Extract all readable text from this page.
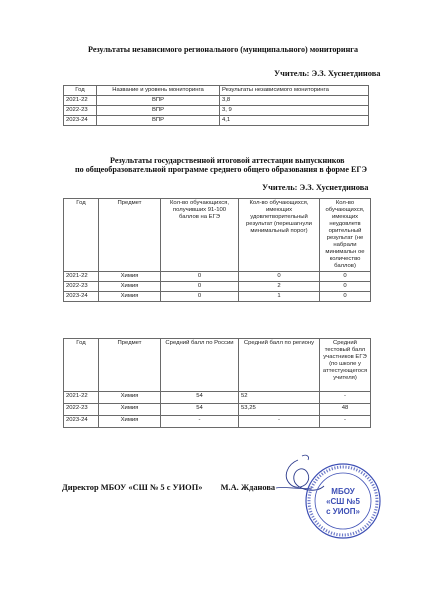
Результаты независимого регионального (муниципального) мониторинга
Учитель: Э.З. Хуснетдинова
Год	Название и уровень мониторинга	Результаты независимого мониторинга
2021-22	ВПР	3,8
2022-23	ВПР	3, 9
2023-24	ВПР	4,1
Результаты государственной итоговой аттестации выпускников
по общеобразовательной программе среднего общего образования в форме ЕГЭ
Учитель: Э.З. Хуснетдинова
Год	Предмет	Кол-во обучающихся, получивших 91-100 баллов на ЕГЭ	Кол-во обучающихся, имеющих удовлетворительный результат (перешагнули минимальный порог)	Кол-во обучающихся, имеющих неудовлетв орительный результат (не набрали минимальн ое количество баллов)
2021-22	Химия	0	0	0
2022-23	Химия	0	2	0
2023-24	Химия	0	1	0
Год	Предмет	Средний балл по России	Средний балл по региону	Средний тестовый балл участников ЕГЭ (по школе у аттестующегося учителя)
2021-22	Химия	54	52	-
2022-23	Химия	54	53,25	48
2023-24	Химия	-	-	-
Директор МБОУ «СШ № 5 с УИОП» М.А. Жданова	МБОУ
«СШ №5
с УИОП»
